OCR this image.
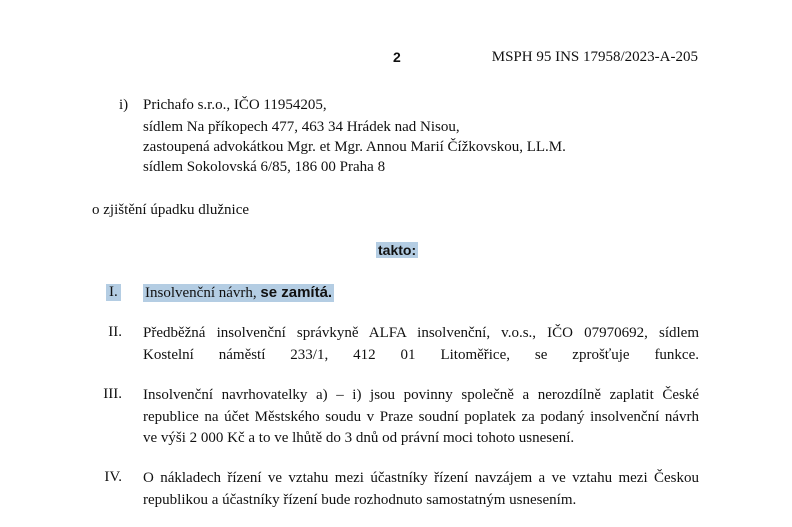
2	MSPH 95 INS 17958/2023-A-205
i) Prichafo s.r.o., IČO 11954205,
sídlem Na příkopech 477, 463 34 Hrádek nad Nisou,
zastoupená advokátkou Mgr. et Mgr. Annou Marií Čížkovskou, LL.M.
sídlem Sokolovská 6/85, 186 00 Praha 8
o zjištění úpadku dlužnice
takto:
I. Insolvenční návrh, se zamítá.
II. Předběžná insolvenční správkyně ALFA insolvenční, v.o.s., IČO 07970692, sídlem
Kostelní náměstí 233/1, 412 01 Litoměřice, se zprošťuje funkce.
III. Insolvenční navrhovatelky a) – i) jsou povinny společně a nerozdílně zaplatit České
republice na účet Městského soudu v Praze soudní poplatek za podaný insolvenční návrh
ve výši 2 000 Kč a to ve lhůtě do 3 dnů od právní moci tohoto usnesení.
IV. O nákladech řízení ve vztahu mezi účastníky řízení navzájem a ve vztahu mezi Českou
republikou a účastníky řízení bude rozhodnuto samostatným usnesením.
